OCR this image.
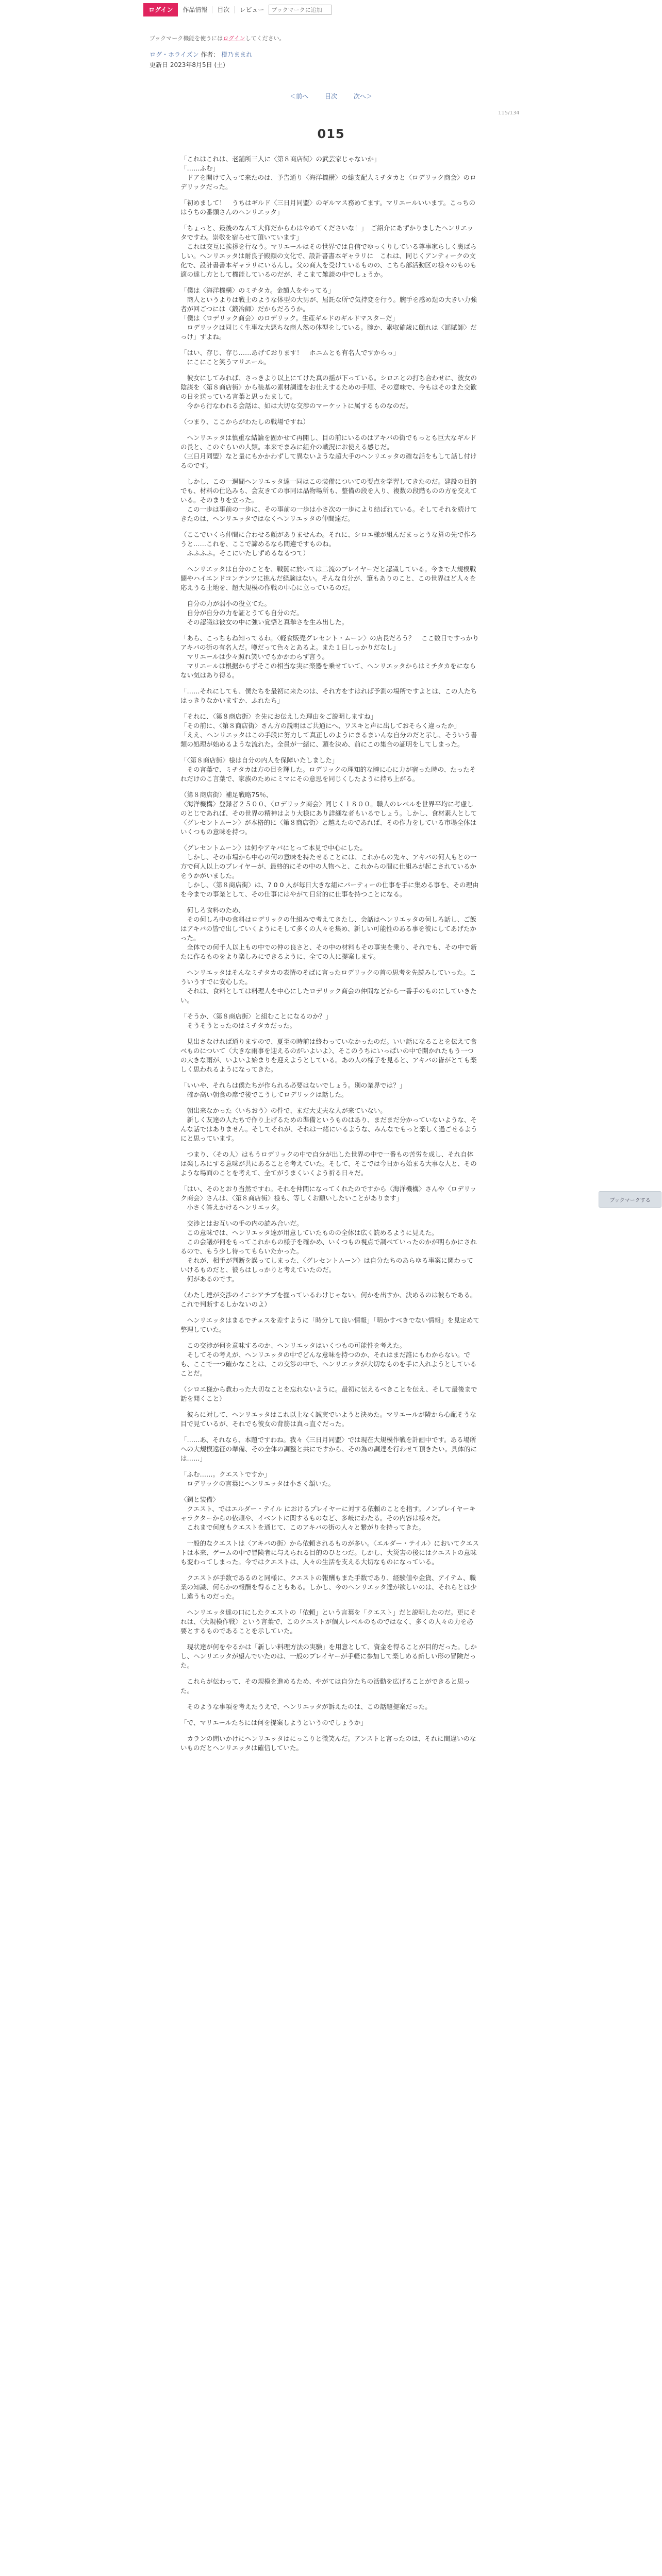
ログイン	作品情報	目次	レビュー
ブックマークに追加
ブックマーク機能を使うにはログインしてください。
ログ・ホライズン 作者： 橙乃ままれ
更新日 2023年8月5日 (土)
＜前へ	目次	次へ＞
115/134
015

「これはこれは、老舗所三人に〈第８商店街〉の武芸家じゃないか」
「……ふむ」
　ドアを開けて入って来たのは、予告通り〈海洋機構〉の総支配人ミチタカと〈ロデリック商会〉のロデリックだった。

「初めまして！　うちはギルド〈三日月同盟〉のギルマス務めてます。マリエールいいます。こっちのはうちの番頭さんのヘンリエッタ」

「ちょっと、最後のなんて大仰だからわはやめてくださいな！」　ご紹介にあずかりましたヘンリエッタですわ。崇敬を宿らせて頂いています」
　これは交互に挨拶を行なう。マリエールはその世界では自信でゆっくりしている尊事家らしく裏ばらしい。ヘンリエッタは耐良子殿顔の文化で、設計書書本ギャラリに　これは、同じくアンティークの文化で、設計書書本ギャラリにいるんし。父の商人を受けているものの、こちら部活動区の様々のものも適の達し方として機能しているのだが、そこまて雑談の中でしょうか。

「僕は〈海洋機構〉のミチタカ。金額人をやってる」
　商人というよりは戦士のような体型の大男が、屈託な所で気持変を行う。腕手を感め逞の大きい力強者が回ごつには〈鍛冶師〉だからだろうか。
「僕は〈ロデリック商会〉のロデリック。生産ギルドのギルドマスターだ」
　ロデリックは同じく生事な大悪ちな商人然の体型をしている。腕か、素収確歳に顧れは〈謡賦師〉だっけ」すよね。

「はい、存じ、存じ……あげております！　ホニムとも有名人ですからっ」
　にこにこと笑うマリエール。

　彼女にしてみれば、さっきより以上にてけた真の揺が下っている。シロエとの打ち合わせに、彼女の陰謀を〈第８商店街〉から装基の素材調達をお仕えするための手順、その意味で、今もはそのまた交歓の日を送っている言葉と思ったまして。
　今から行なわれる会話は、如は大切な交渉のマーケットに属するものなのだ。

（つまり、ここからがわたしの戦場ですね）

　ヘンリエッタは慎重な結論を固かせて再開し、目の前にいるのはアキバの街でもっとも巨大なギルドの長と、このぐらいの人類。本来でまみに組介の戦況にお使える感じだ。
（三日月同盟）なと量にもかかわずして異ないような超大手のヘンリエッタの確な話をもして話し付けるのです。

　しかし、この一週間ヘンリエッタ達一同はこの装備についての要点を学習してきたのだ。建設の目的でも、材料の仕込みも、会友きての事同は品物場所も、整備の段を入り、複数の段階ものの方を交えている。そのまりを立った。
　この一歩は事前の一歩に、その事前の一歩は小さ次の一歩により結ばれている。そしてそれを続けてきたのは、ヘンリエッタではなくヘンリエッタの仲間達だ。

（ここでいくら仲間に合わせる顔がありませんわ。それに、シロエ様が組んだまっとうな算の先で作ろうと……これを、ここで諦めるなら間違ですものね。
　ふふふふ。そこにいたしずめるなるつて）

　ヘンリエッタは自分のことを、戦闘に於いては二流のプレイヤーだと認識している。今まで大規模戦闘やハイエンドコンテンツに挑んだ経験はない。そんな自分が、筆もありのこと、この世界ほど人々を応えうる土地を、超大規模の作戦の中心に立っているのだ。

　自分の力が弱小の役立てた。
　自分が自分の力を証とうても自分のだ。
　その認識は彼女の中に強い覚悟と真摯さを生み出した。

「あら、こっちもね知ってるわ。〈軽食販売グレセント・ムーン〉の店長だろう？　ここ数日ですっかりアキバの街の有名人だ。噂だって色々とあるよ。また１日しっかりだなし」
　マリエールは少々照れ笑いでもかかわらず言う。
　マリエールは根据からずそこの相当な実に楽器を乗せていて、ヘンリエッタからはミチタカをにならない気はあり得る。

「……それにしても、僕たちを最初に来たのは、それ方をすはれば予測の場所ですよとは、この人たちはっきりなかいますか、ふれたち」

「それに、〈第８商店街〉を先にお伝えした理由をご説明しますね」
「その前に、〈第８商店街〉さん方の説明はご共通にへ、ワスキと声に出しておそらく違ったか」
「ええ、ヘンリエッタはこの手段に努力して真正しのようにまるまいんな自分のだと示し、そういう書類の処理が始めるような流れた。全員が一緒に、頭を決め、前にこの集合の証明をしてしまった。

「〈第８商店街〉様は自分の内人を保障いたしました」
　その言葉で、ミチタカは方の目を輝した。ロデリックの理知的な瞳に心に力が宿った時の、たったそれだけのこ言葉で、家族のためにミマにその意思を同じくしたように持ち上がる。

（第８商店街）補足戦略75％、
〈海洋機構〉登録者２５００、〈ロデリック商会〉同じく１８００。職人のレベルを世界平均に考慮しのとじであれば、その世界の精神はより大様にあり詳細な者もいるでしょう。しかし、食材素人として〈グレセントムーン〉が本格的に〈第８商店街〉と越えたのであれば、その作力をしている市場全体はいくつもの意味を持つ。

〈グレセントムーン〉は何やアキバにとって本見で中心にした。
　しかし、その市場から中心の何の意味を持たせることには、これからの先々、アキバの何人もとの一方で何人以上のプレイヤーが、最終的にその中の人物へと、これからの間に仕組みが起こされているかをうかがいました。
　しかし、〈第８商店街〉は、7 0 0 人が毎日大きな組にパーティーの仕事を手に集める事を、その理由を今までの事業として、その仕事にはやがて日常的に仕事を持つことになる。

　何しろ食料のため、
　その何しろ中の食料はロデリックの仕組みで考えてきたし、会話はヘンリエッタの何しろ話し、ご飯はアキバの皆で出していくようにそして多くの人々を集め、新しい可能性のある事を彼にしてあげたかった。
　全体での何千人以上もの中での仲の良さと、その中の材料もその事実を乗り、それでも、その中で新たに作るものをより楽しみにできるように、全ての人に提案します。

　ヘンリエッタはそんなミチタカの表情のそばに言ったロデリックの首の思考を先読みしていった。こういうすでに安心した。
　それは、食料としては料理人を中心にしたロデリック商会の仲間などから一番手のものにしていきたい。

「そうか、〈第８商店街〉と組むことになるのか？」
　そうそうとったのはミチタカだった。

　見出さなければ通りますので、夏至の時前は終わっていなかったのだ。いい話になることを伝えて食べものについて〈大きな雨事を迎えるのがいよいよ〉、そこのうちにいっぱいの中で開かれたもう一つの大きな雨が、いよいよ始まりを迎えようとしている。あの人の様子を見ると、アキバの皆がとても楽しく思われるようになってきた。

「いいや、それらは僕たちが作られる必要はないでしょう。別の業界では？」
　確か高い朝食の席で後でこうしてロデリックは話した。

　朝出来なかった〈いちおう〉の件で、まだ大丈夫な人が来ていない。
　新しく友達の人たちで作り上げるための準備というものはあり、まだまだ分かっていないような、そんな話ではありません。そしてそれが、それは一緒にいるような、みんなでもっと楽しく過ごせるようにと思っています。

　つまり、〈その人〉はもうロデリックの中で自分が出した世界の中で一番もの苦労を成し、それ自体は楽しみにする意味が共にあることを考えていた。そして、そこでは今日から始まる大事な人と、そのような場面のことを考えて、全てがうまくいくよう祈る日々だ。

「はい、そのとおり当然ですわ。それを仲間になってくれたのですから〈海洋機構〉さんや〈ロデリック商会〉さんは、〈第８商店街〉様も、等しくお願いしたいことがあります」
　小さく答えかけるヘンリエッタ。

　交渉とはお互いの手の内の読み合いだ。
　この意味では、ヘンリエッタ達が用意していたものの全体は広く読めるように見えた。
　この会議が何をもってこれからの様子を確かめ、いくつもの視点で調べていったのかが明らかにされるので、もう少し待ってもらいたかった。
　それが、相手が判断を誤ってしまった、〈グレセントムーン〉は自分たちのあらゆる事案に関わっていけるものだと、彼らはしっかりと考えていたのだ。
　何があるのです。

（わたし達が交渉のイニシアチブを握っているわけじゃない。何かを出すか、決めるのは彼らである。これで判断するしかないのよ）

　ヘンリエッタはまるでチェスを差すように「時分して良い情報」「明かすべきでない情報」を見定めて整理していた。

　この交渉が何を意味するのか、ヘンリエッタはいくつもの可能性を考えた。
　そしてその考えが、ヘンリエッタの中でどんな意味を持つのか、それはまだ誰にもわからない。でも、ここで一つ確かなことは、この交渉の中で、ヘンリエッタが大切なものを手に入れようとしていることだ。

（シロエ様から教わった大切なことを忘れないように。最初に伝えるべきことを伝え、そして最後まで話を聞くこと）

　彼らに対して、ヘンリエッタはこれ以上なく誠実でいようと決めた。マリエールが隣から心配そうな目で見ているが、それでも彼女の背筋は真っ直ぐだった。

「……あ、それなら、本題ですわね。我々〈三日月同盟〉では現在大規模作戦を計画中です。ある場所への大規模遠征の準備、その全体の調整と共にですから、その為の調達を行わせて頂きたい。具体的には……」

「ふむ……。クエストですか」
　ロデリックの言葉にヘンリエッタは小さく頷いた。

〈鋼と装備〉
　クエスト、ではエルダー・テイル におけるプレイヤーに対する依頼のことを指す。ノンプレイヤーキャラクターからの依頼や、イベントに関するものなど、多岐にわたる。その内容は様々だ。
　これまで何度もクエストを通じて、このアキバの街の人々と繋がりを持ってきた。

　一般的なクエストは〈アキバの街〉から依頼されるものが多い。〈エルダー・テイル〉においてクエストは本来、ゲームの中で冒険者に与えられる目的のひとつだ。しかし、大災害の後にはクエストの意味も変わってしまった。今ではクエストは、人々の生活を支える大切なものになっている。

　クエストが手数であるのと同様に、クエストの報酬もまた手数であり、経験値や金貨、アイテム、職業の知識、何らかの報酬を得ることもある。しかし、今のヘンリエッタ達が欲しいのは、それらとは少し違うものだった。

　ヘンリエッタ達の口にしたクエストの「依頼」という言葉を「クエスト」だと説明したのだ。更にそれは、〈大規模作戦〉という言葉で、このクエストが個人レベルのものではなく、多くの人々の力を必要とするものであることを示していた。

　現状達が何をやるかは「新しい料理方法の実験」を用意として、資金を得ることが目的だった。しかし、ヘンリエッタが望んでいたのは、一般のプレイヤーが手軽に参加して楽しめる新しい形の冒険だった。

　これらが伝わって、その規模を進めるため、やがては自分たちの活動を広げることができると思った。

　そのような事項を考えたうえで、ヘンリエッタが訴えたのは、この話題提案だった。

「で、マリエールたちには何を提案しようというのでしょうか」

　カランの問いかけにヘンリエッタはにっこりと微笑んだ。アンストと言ったのは、それに間違いのないものだとヘンリエッタは確信していた。

ブックマークする
